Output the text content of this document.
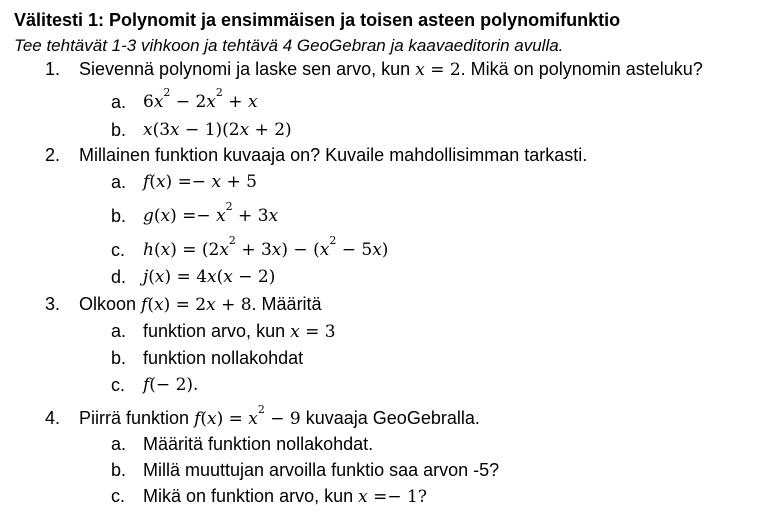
Välitesti 1: Polynomit ja ensimmäisen ja toisen asteen polynomifunktio
Tee tehtävät 1-3 vihkoon ja tehtävä 4 GeoGebran ja kaavaeditorin avulla.
1. Sievennä polynomi ja laske sen arvo, kun x = 2. Mikä on polynomin asteluku?
a. $6x^2 - 2x^2 + x$
b. x(3x − 1)(2x + 2)
2. Millainen funktion kuvaaja on? Kuvaile mahdollisimman tarkasti.
a. f(x) =− x + 5
b. $g(x) =- x^2 + 3x$
c. $h(x) = (2x^2 + 3x) - (x^2 - 5x)$
d. j(x) = 4x(x − 2)
3. Olkoon f(x) = 2x + 8. Määritä
a. funktion arvo, kun x = 3
b. funktion nollakohdat
c. f(− 2).
4. Piirrä funktion $f(x) = x^2 - 9$ kuvaaja GeoGebralla.
a. Määritä funktion nollakohdat.
b. Millä muuttujan arvoilla funktio saa arvon -5?
c. Mikä on funktion arvo, kun x =− 1?
